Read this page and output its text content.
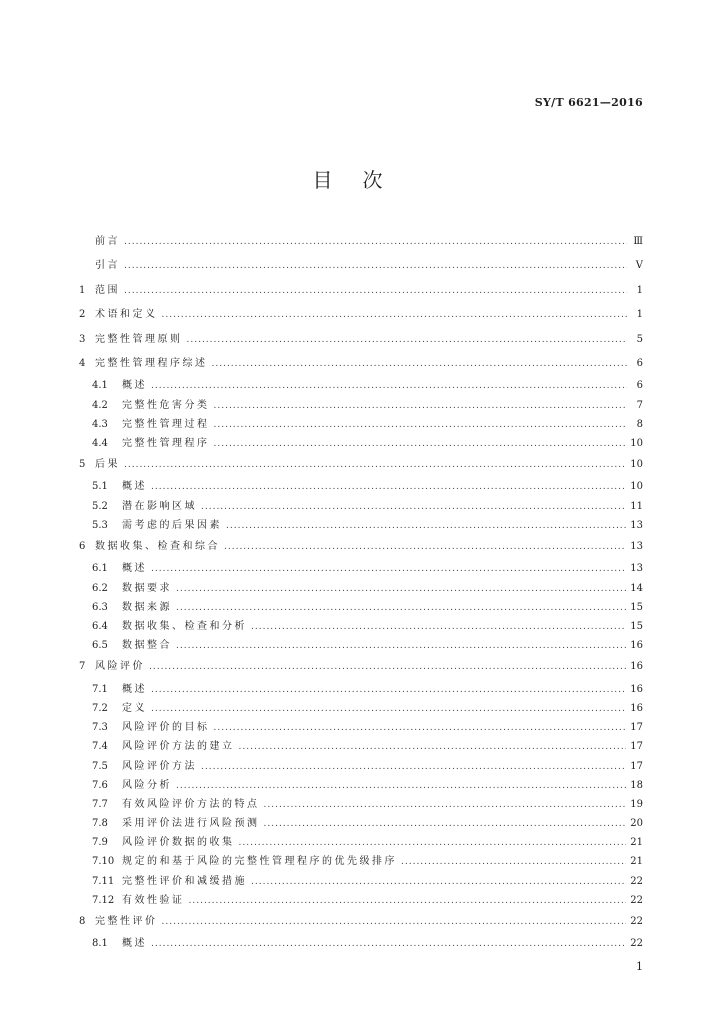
SY/T 6621—2016
目次
前言 .....	Ⅲ
引言 .....	Ⅴ
1 范围 .....	1
2 术语和定义 .....	1
3 完整性管理原则 .....	5
4 完整性管理程序综述 .....	6
4.1	概述 .....	6
4.2	完整性危害分类 .....	7
4.3	完整性管理过程 .....	8
4.4	完整性管理程序 .....	10
5 后果 .....	10
5.1	概述 .....	10
5.2	潜在影响区域 .....	11
5.3	需考虑的后果因素 .....	13
6 数据收集、检查和综合 .....	13
6.1	概述 .....	13
6.2	数据要求 .....	14
6.3	数据来源 .....	15
6.4	数据收集、检查和分析 .....	15
6.5	数据整合 .....	16
7 风险评价 .....	16
7.1	概述 .....	16
7.2	定义 .....	16
7.3	风险评价的目标 .....	17
7.4	风险评价方法的建立 .....	17
7.5	风险评价方法 .....	17
7.6	风险分析 .....	18
7.7	有效风险评价方法的特点 .....	19
7.8	采用评价法进行风险预测 .....	20
7.9	风险评价数据的收集 .....	21
7.10 规定的和基于风险的完整性管理程序的优先级排序 .....	21
7.11 完整性评价和减缓措施 .....	22
7.12 有效性验证 .....	22
8 完整性评价 .....	22
8.1	概述 .....	22
1
